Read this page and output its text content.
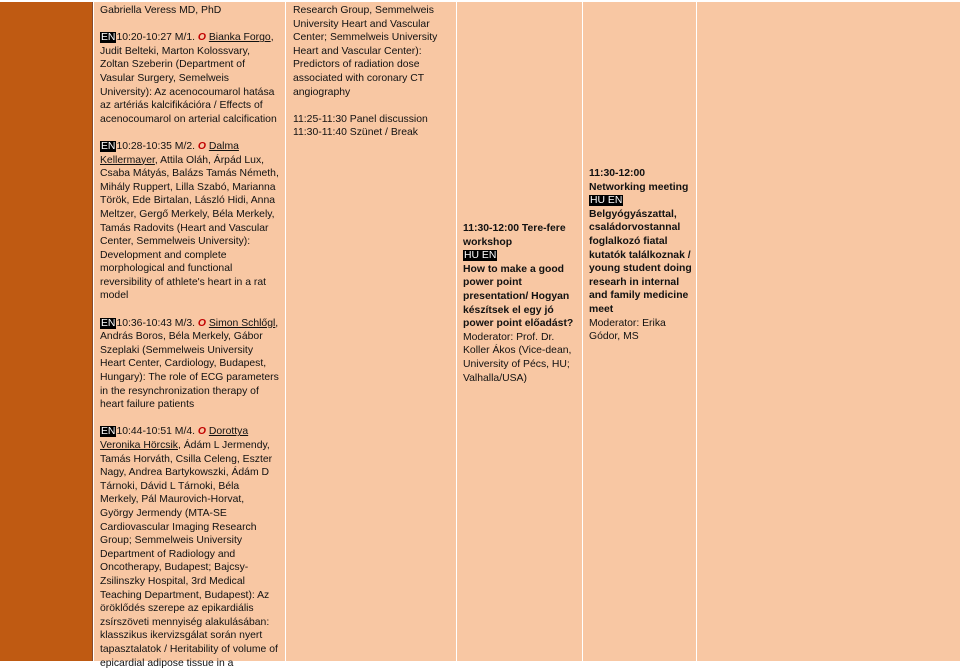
Gabriella Veress MD, PhD

EN10:20-10:27 M/1. O Bianka Forgo, Judit Belteki, Marton Kolossvary, Zoltan Szeberin (Department of Vasular Surgery, Semelweis University): Az acenocoumarol hatása az artériás kalcifikációra / Effects of acenocoumarol on arterial calcification

EN10:28-10:35 M/2. O Dalma Kellermayer, Attila Oláh, Árpád Lux, Csaba Mátyás, Balázs Tamás Németh, Mihály Ruppert, Lilla Szabó, Marianna Török, Ede Birtalan, László Hidi, Anna Meltzer, Gergő Merkely, Béla Merkely, Tamás Radovits (Heart and Vascular Center, Semmelweis University): Development and complete morphological and functional reversibility of athlete's heart in a rat model

EN10:36-10:43 M/3. O Simon Schlőgl, András Boros, Béla Merkely, Gábor Szeplaki (Semmelweis University Heart Center, Cardiology, Budapest, Hungary): The role of ECG parameters in the resynchronization therapy of heart failure patients

EN10:44-10:51 M/4. O Dorottya Veronika Hörcsik, Ádám L Jermendy, Tamás Horváth, Csilla Celeng, Eszter Nagy, Andrea Bartykowszki, Ádám D Tárnoki, Dávid L Tárnoki, Béla Merkely, Pál Maurovich-Horvat, György Jermendy (MTA-SE Cardiovascular Imaging Research Group; Semmelweis University Department of Radiology and Oncotherapy, Budapest; Bajcsy-Zsilinszky Hospital, 3rd Medical Teaching Department, Budapest): Az öröklődés szerepe az epikardiális zsírszöveti mennyiség alakulásában: klasszikus ikervizsgálat során nyert tapasztalatok / Heritability of volume of epicardial adipose tissue in a

Research Group, Semmelweis University Heart and Vascular Center; Semmelweis University Heart and Vascular Center): Predictors of radiation dose associated with coronary CT angiography

11:25-11:30 Panel discussion

11:30-11:40 Szünet / Break

11:30-12:00 Tere-fere workshop

HU EN

How to make a good power point presentation/ Hogyan készítsek el egy jó power point előadást?

Moderator: Prof. Dr. Koller Ákos (Vice-dean, University of Pécs, HU; Valhalla/USA)

11:30-12:00

Networking meeting

HU EN

Belgyógyászattal, családorvostannal foglalkozó fiatal kutatók találkoznak / young student doing researh in internal and family medicine meet

Moderator: Erika Gódor, MS
